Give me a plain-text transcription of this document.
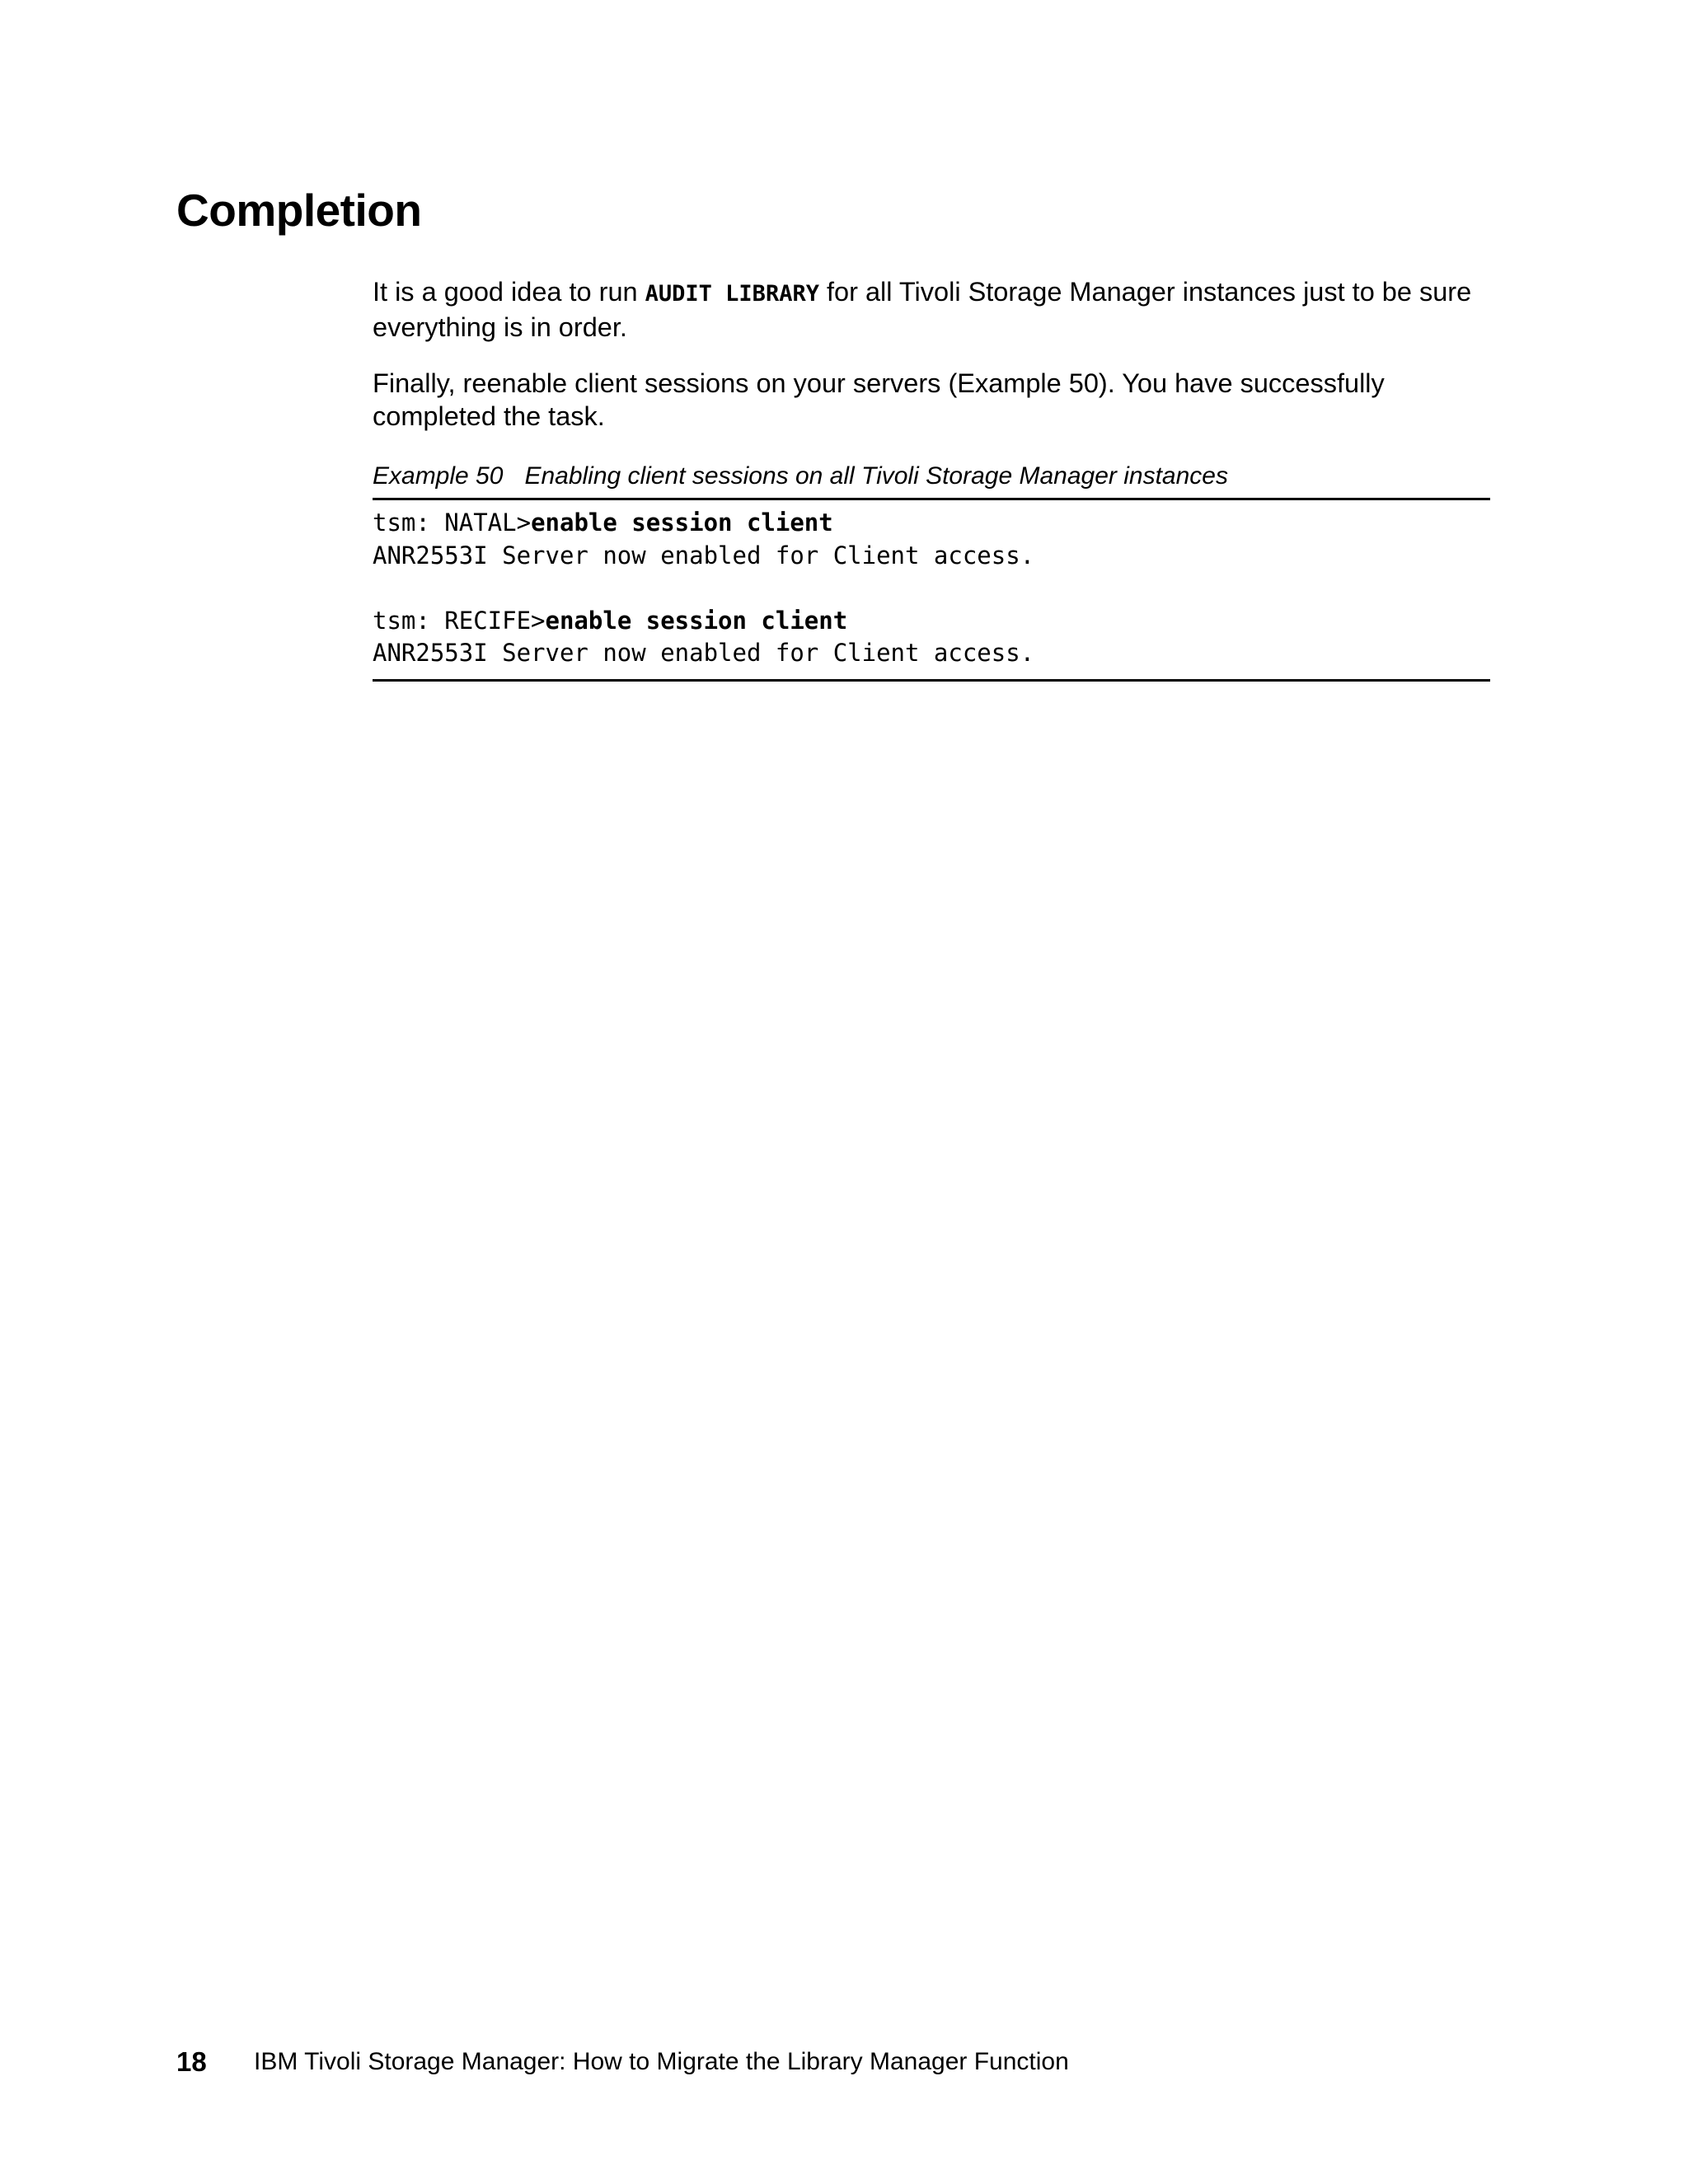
Completion

It is a good idea to run AUDIT LIBRARY for all Tivoli Storage Manager instances just to be sure everything is in order.

Finally, reenable client sessions on your servers (Example 50). You have successfully completed the task.

Example 50 Enabling client sessions on all Tivoli Storage Manager instances

tsm: NATAL>enable session client
ANR2553I Server now enabled for Client access.
tsm: RECIFE>enable session client
ANR2553I Server now enabled for Client access.

18 IBM Tivoli Storage Manager: How to Migrate the Library Manager Function
